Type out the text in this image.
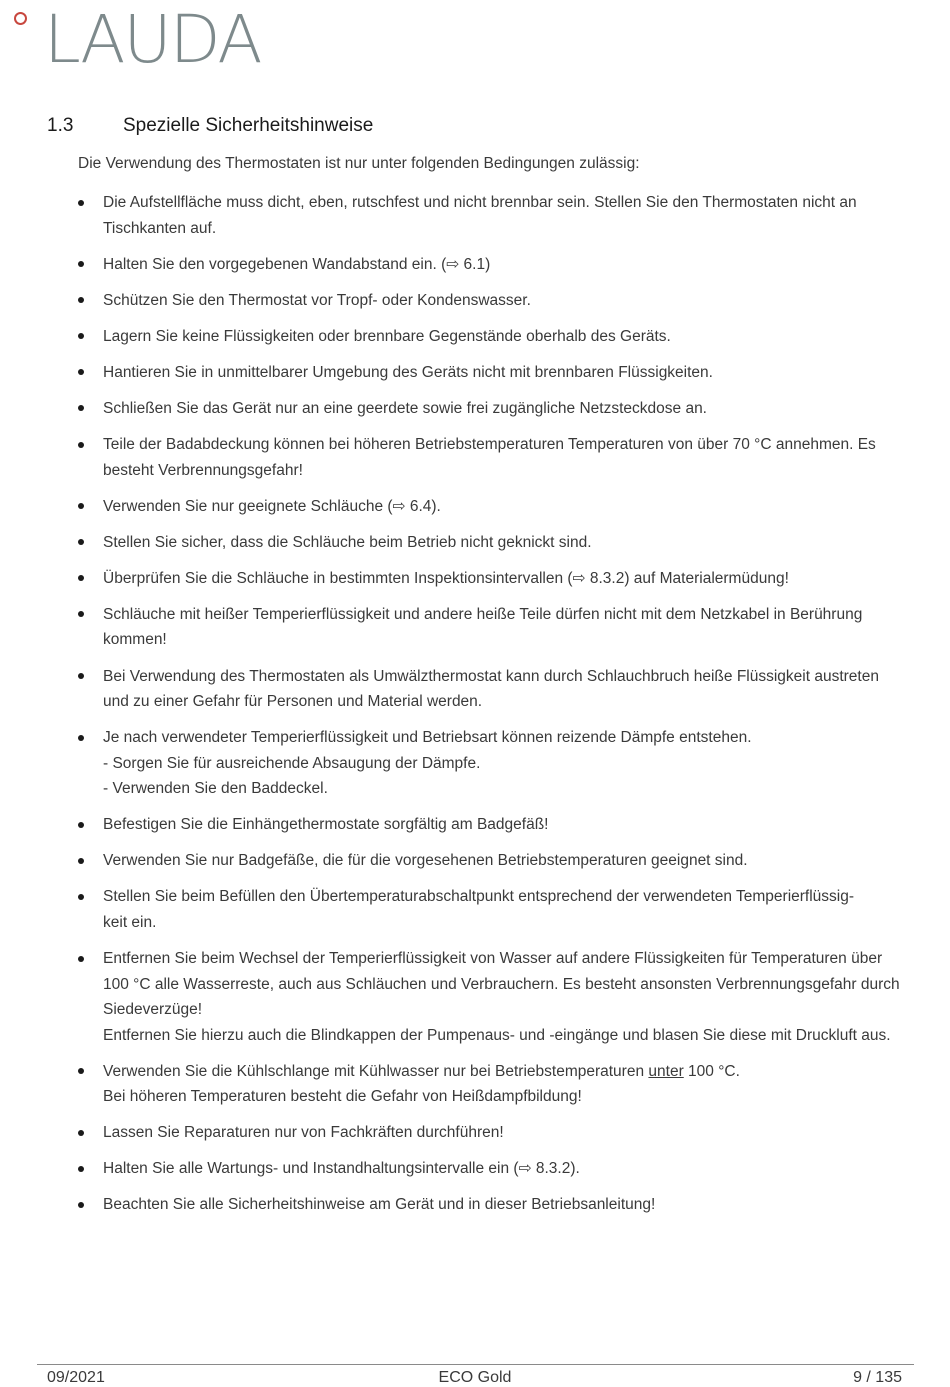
LAUDA
1.3	Spezielle Sicherheitshinweise
Die Verwendung des Thermostaten ist nur unter folgenden Bedingungen zulässig:
Die Aufstellfläche muss dicht, eben, rutschfest und nicht brennbar sein. Stellen Sie den Thermostaten nicht an
Tischkanten auf.
Halten Sie den vorgegebenen Wandabstand ein. (⇨ 6.1)
Schützen Sie den Thermostat vor Tropf- oder Kondenswasser.
Lagern Sie keine Flüssigkeiten oder brennbare Gegenstände oberhalb des Geräts.
Hantieren Sie in unmittelbarer Umgebung des Geräts nicht mit brennbaren Flüssigkeiten.
Schließen Sie das Gerät nur an eine geerdete sowie frei zugängliche Netzsteckdose an.
Teile der Badabdeckung können bei höheren Betriebstemperaturen Temperaturen von über 70 °C annehmen. Es
besteht Verbrennungsgefahr!
Verwenden Sie nur geeignete Schläuche (⇨ 6.4).
Stellen Sie sicher, dass die Schläuche beim Betrieb nicht geknickt sind.
Überprüfen Sie die Schläuche in bestimmten Inspektionsintervallen (⇨ 8.3.2) auf Materialermüdung!
Schläuche mit heißer Temperierflüssigkeit und andere heiße Teile dürfen nicht mit dem Netzkabel in Berührung
kommen!
Bei Verwendung des Thermostaten als Umwälzthermostat kann durch Schlauchbruch heiße Flüssigkeit austreten
und zu einer Gefahr für Personen und Material werden.
Je nach verwendeter Temperierflüssigkeit und Betriebsart können reizende Dämpfe entstehen.
- Sorgen Sie für ausreichende Absaugung der Dämpfe.
- Verwenden Sie den Baddeckel.
Befestigen Sie die Einhängethermostate sorgfältig am Badgefäß!
Verwenden Sie nur Badgefäße, die für die vorgesehenen Betriebstemperaturen geeignet sind.
Stellen Sie beim Befüllen den Übertemperaturabschaltpunkt entsprechend der verwendeten Temperierflüssig-
keit ein.
Entfernen Sie beim Wechsel der Temperierflüssigkeit von Wasser auf andere Flüssigkeiten für Temperaturen über
100 °C alle Wasserreste, auch aus Schläuchen und Verbrauchern. Es besteht ansonsten Verbrennungsgefahr durch
Siedeverzüge!
Entfernen Sie hierzu auch die Blindkappen der Pumpenaus- und -eingänge und blasen Sie diese mit Druckluft aus.
Verwenden Sie die Kühlschlange mit Kühlwasser nur bei Betriebstemperaturen unter 100 °C.
Bei höheren Temperaturen besteht die Gefahr von Heißdampfbildung!
Lassen Sie Reparaturen nur von Fachkräften durchführen!
Halten Sie alle Wartungs- und Instandhaltungsintervalle ein (⇨ 8.3.2).
Beachten Sie alle Sicherheitshinweise am Gerät und in dieser Betriebsanleitung!
09/2021	ECO Gold	9 / 135
